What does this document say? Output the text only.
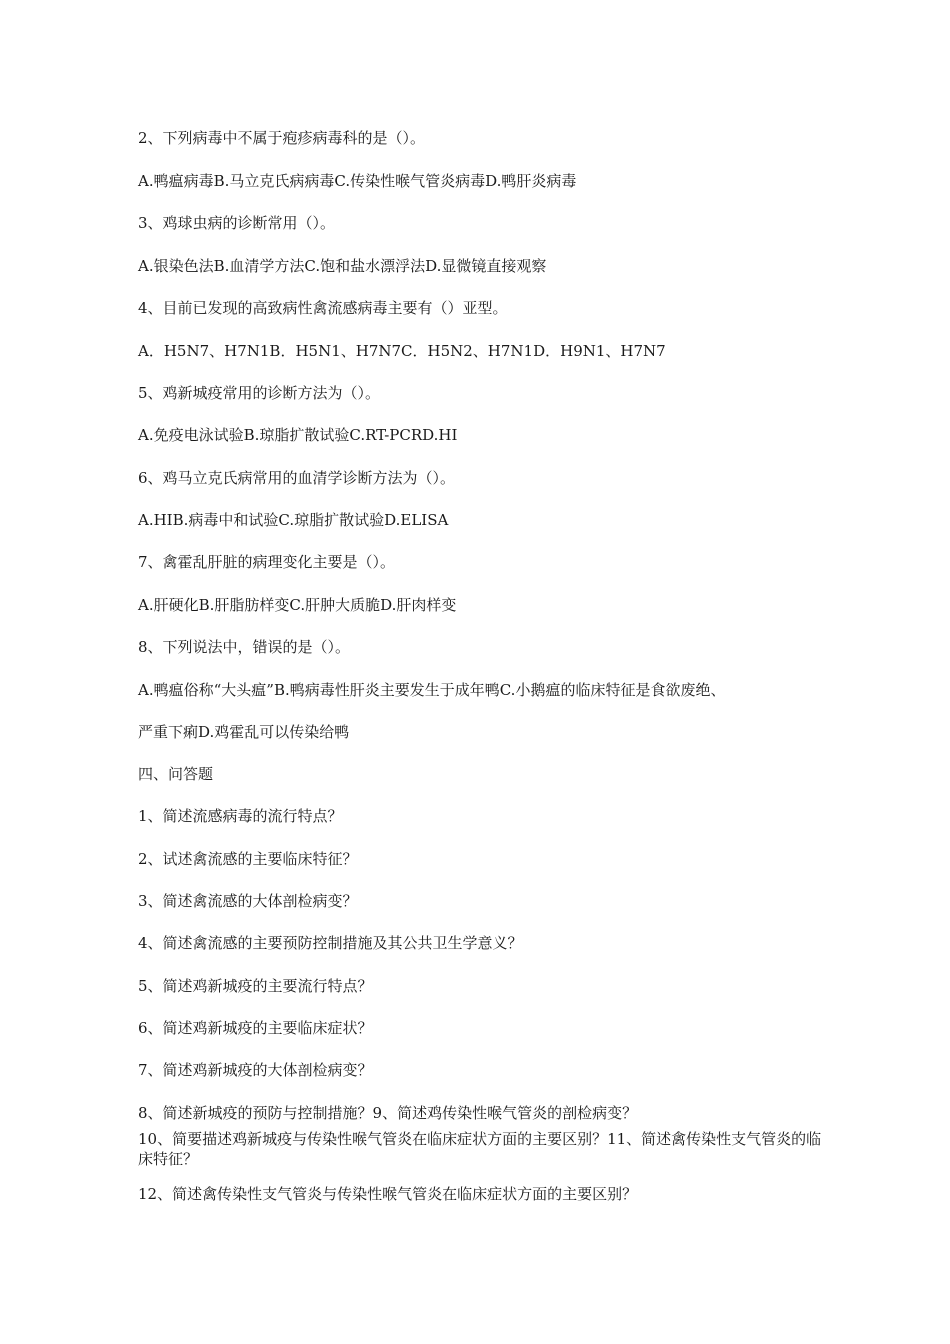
2、下列病毒中不属于疱疹病毒科的是（）。
A.鸭瘟病毒B.马立克氏病病毒C.传染性喉气管炎病毒D.鸭肝炎病毒
3、鸡球虫病的诊断常用（）。
A.银染色法B.血清学方法C.饱和盐水漂浮法D.显微镜直接观察
4、目前已发现的高致病性禽流感病毒主要有（）亚型。
A．H5N7、H7N1B．H5N1、H7N7C．H5N2、H7N1D．H9N1、H7N7
5、鸡新城疫常用的诊断方法为（）。
A.免疫电泳试验B.琼脂扩散试验C.RT-PCRD.HI
6、鸡马立克氏病常用的血清学诊断方法为（）。
A.HIB.病毒中和试验C.琼脂扩散试验D.ELISA
7、禽霍乱肝脏的病理变化主要是（）。
A.肝硬化B.肝脂肪样变C.肝肿大质脆D.肝肉样变
8、下列说法中，错误的是（）。
A.鸭瘟俗称“大头瘟”B.鸭病毒性肝炎主要发生于成年鸭C.小鹅瘟的临床特征是食欲废绝、
严重下痢D.鸡霍乱可以传染给鸭
四、问答题
1、简述流感病毒的流行特点？
2、试述禽流感的主要临床特征？
3、简述禽流感的大体剖检病变？
4、简述禽流感的主要预防控制措施及其公共卫生学意义？
5、简述鸡新城疫的主要流行特点？
6、简述鸡新城疫的主要临床症状？
7、简述鸡新城疫的大体剖检病变？
8、简述新城疫的预防与控制措施？9、简述鸡传染性喉气管炎的剖检病变？
10、简要描述鸡新城疫与传染性喉气管炎在临床症状方面的主要区别？11、简述禽传染性支气管炎的临床特征？
12、简述禽传染性支气管炎与传染性喉气管炎在临床症状方面的主要区别？
